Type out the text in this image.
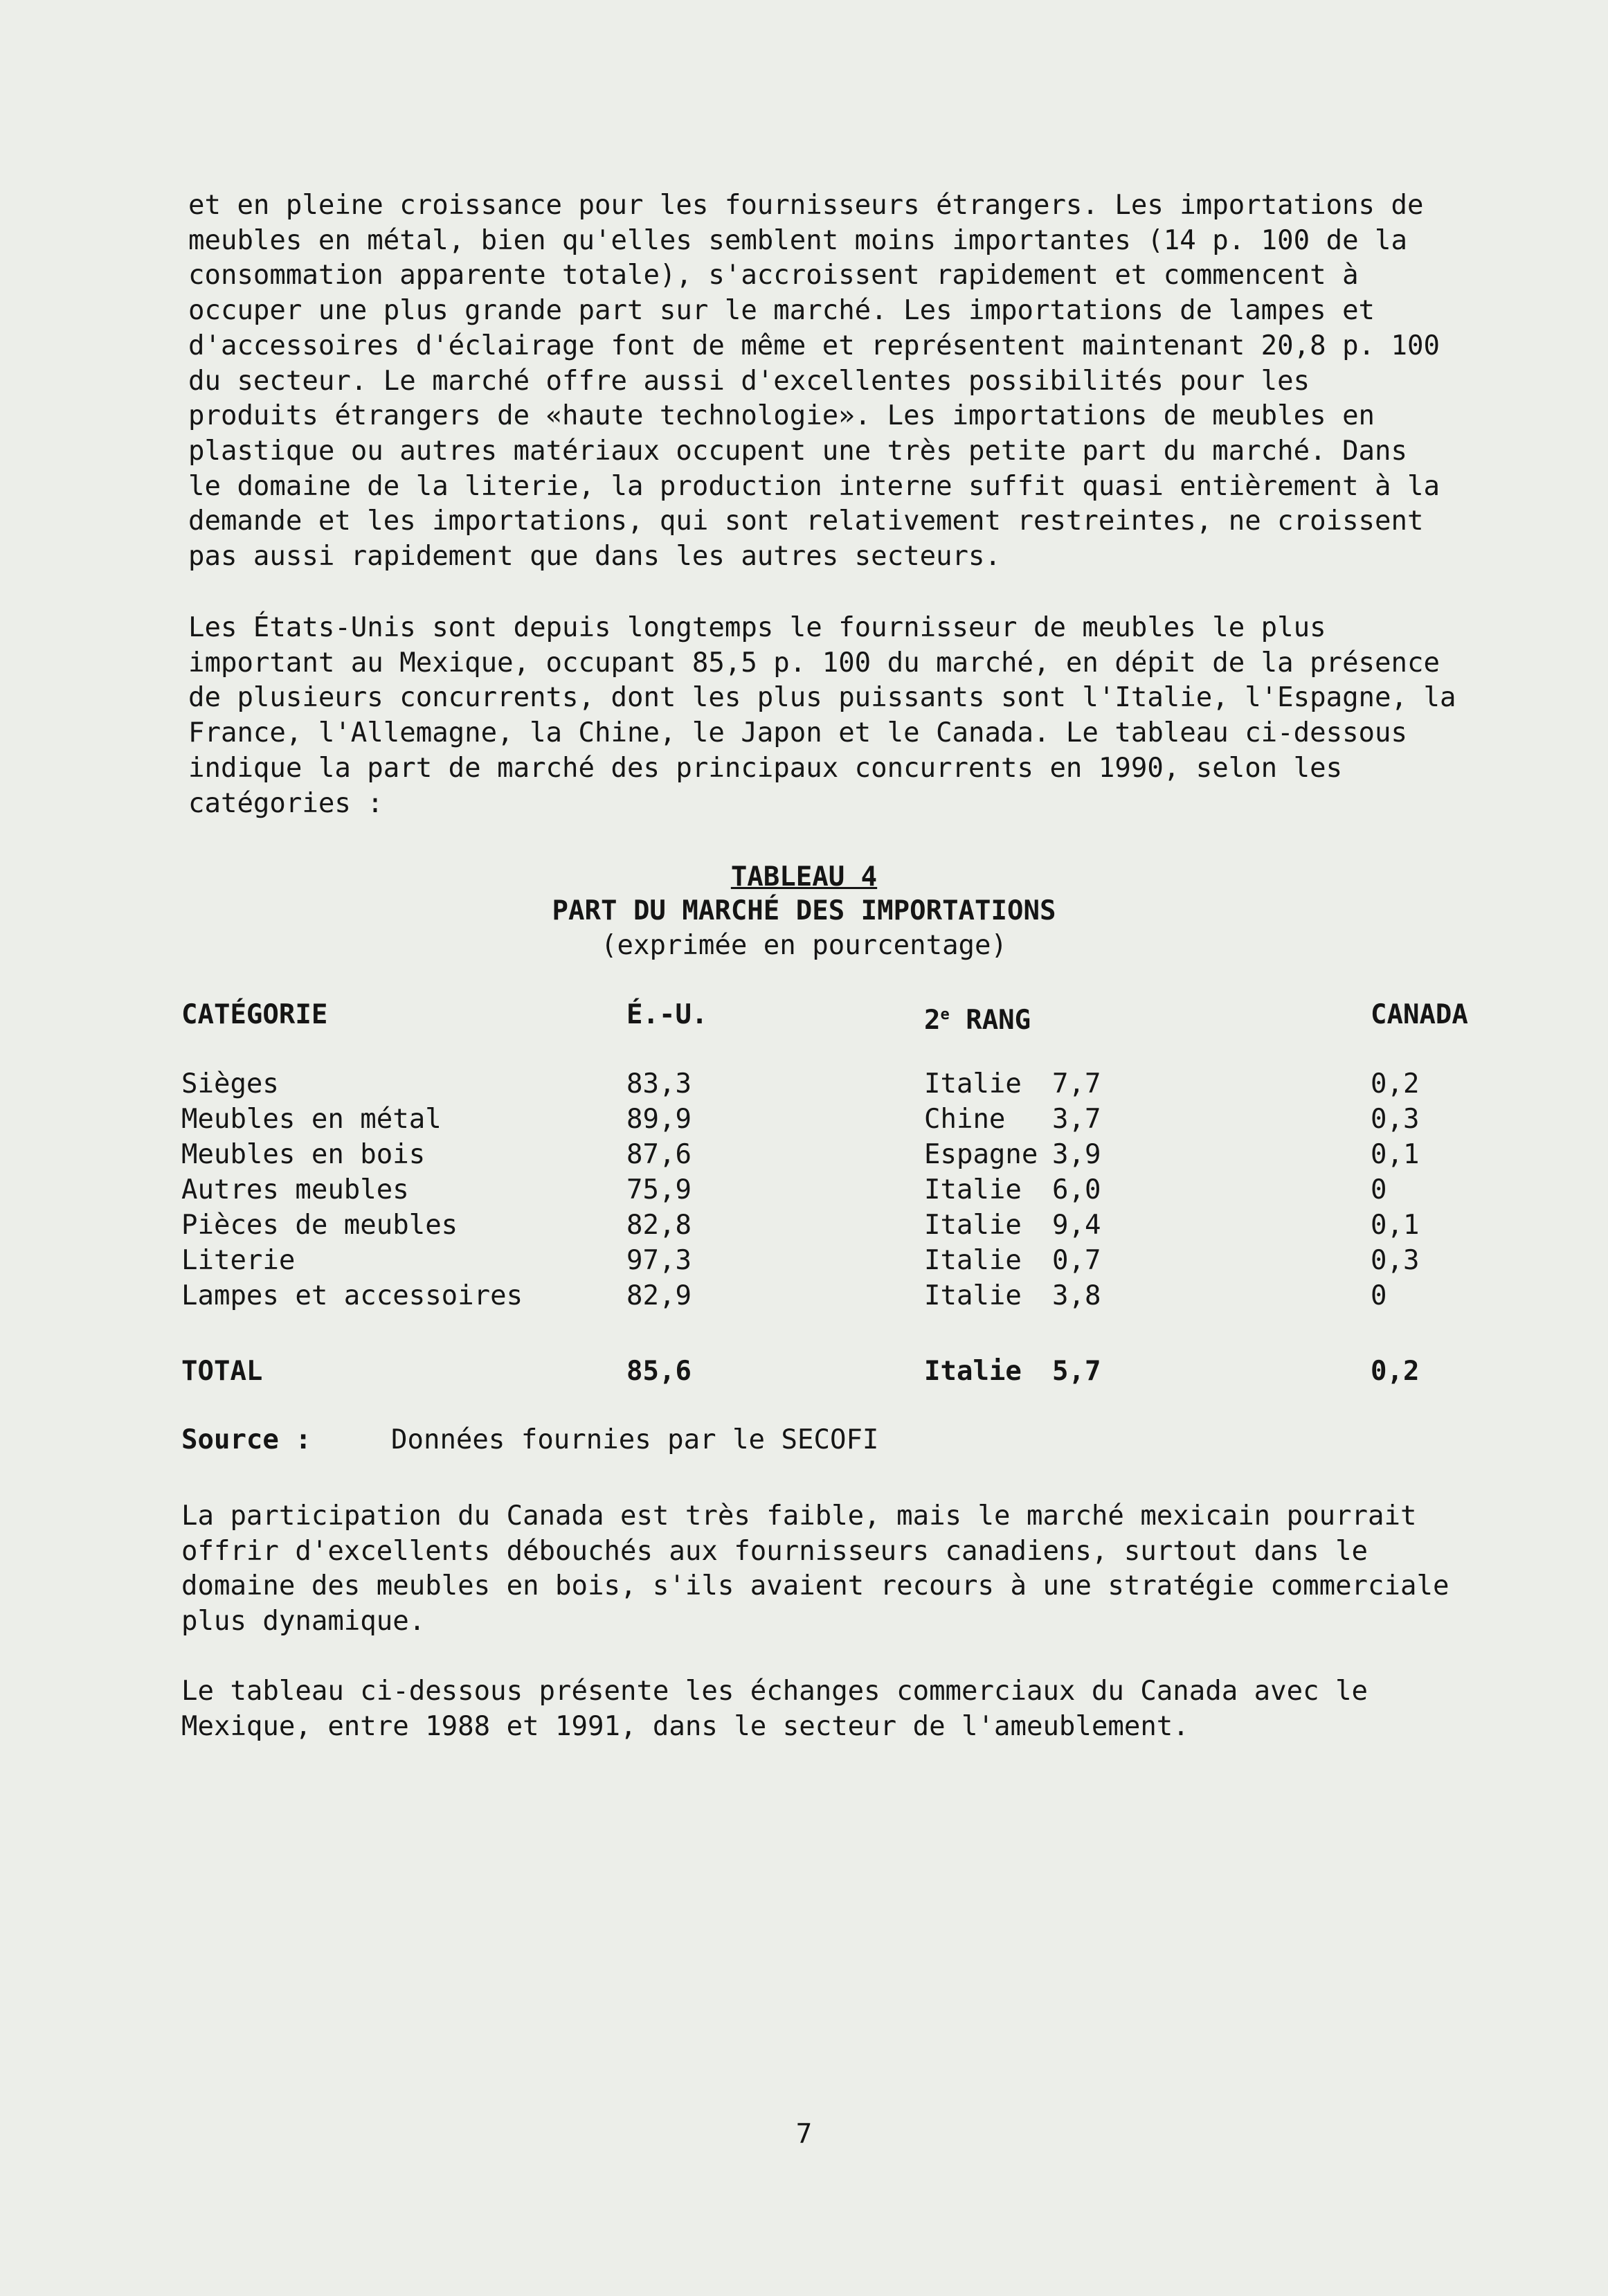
et en pleine croissance pour les fournisseurs étrangers. Les importations de
meubles en métal, bien qu'elles semblent moins importantes (14 p. 100 de la
consommation apparente totale), s'accroissent rapidement et commencent à
occuper une plus grande part sur le marché. Les importations de lampes et
d'accessoires d'éclairage font de même et représentent maintenant 20,8 p. 100
du secteur. Le marché offre aussi d'excellentes possibilités pour les
produits étrangers de «haute technologie». Les importations de meubles en
plastique ou autres matériaux occupent une très petite part du marché. Dans
le domaine de la literie, la production interne suffit quasi entièrement à la
demande et les importations, qui sont relativement restreintes, ne croissent
pas aussi rapidement que dans les autres secteurs.

Les États-Unis sont depuis longtemps le fournisseur de meubles le plus
important au Mexique, occupant 85,5 p. 100 du marché, en dépit de la présence
de plusieurs concurrents, dont les plus puissants sont l'Italie, l'Espagne, la
France, l'Allemagne, la Chine, le Japon et le Canada. Le tableau ci-dessous
indique la part de marché des principaux concurrents en 1990, selon les
catégories :

TABLEAU 4
PART DU MARCHÉ DES IMPORTATIONS
(exprimée en pourcentage)
CATÉGORIE	É.-U.	2e RANG	CANADA
Sièges	83,3	Italie 7,7	0,2
Meubles en métal	89,9	Chine 3,7	0,3
Meubles en bois	87,6	Espagne 3,9	0,1
Autres meubles	75,9	Italie 6,0	0
Pièces de meubles	82,8	Italie 9,4	0,1
Literie	97,3	Italie 0,7	0,3
Lampes et accessoires	82,9	Italie 3,8	0
TOTAL	85,6	Italie 5,7	0,2
Source :	Données fournies par le SECOFI

La participation du Canada est très faible, mais le marché mexicain pourrait
offrir d'excellents débouchés aux fournisseurs canadiens, surtout dans le
domaine des meubles en bois, s'ils avaient recours à une stratégie commerciale
plus dynamique.

Le tableau ci-dessous présente les échanges commerciaux du Canada avec le
Mexique, entre 1988 et 1991, dans le secteur de l'ameublement.

7
